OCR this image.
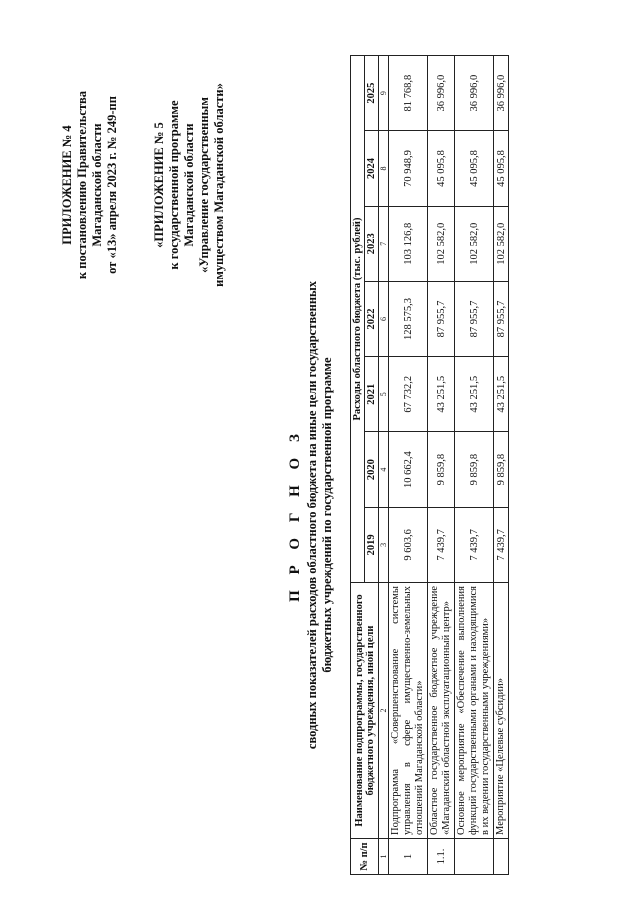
ПРИЛОЖЕНИЕ № 4 к постановлению Правительства Магаданской области от «13» апреля 2023 г. № 249-пп	«ПРИЛОЖЕНИЕ № 5 к государственной программе Магаданской области «Управление государственным имуществом Магаданской области»
П Р О Г Н О З сводных показателей расходов областного бюджета на иные цели государственных бюджетных учреждений по государственной программе
№ п/п	Наименование подпрограммы, государственного бюджетного учреждения, иной цели	Расходы областного бюджета (тыс. рублей)						
		2019	2020	2021	2022	2023	2024	2025
1	2	3	4	5	6	7	8	9
1	Подпрограмма «Совершенствование системы управления в сфере имущественно-земельных отношений Магаданской области»	9 603,6	10 662,4	67 732,2	128 575,3	103 126,8	70 948,9	81 768,8
1.1.	Областное государственное бюджетное учреждение «Магаданский областной эксплуатационный центр»	7 439,7	9 859,8	43 251,5	87 955,7	102 582,0	45 095,8	36 996,0
	Основное мероприятие «Обеспечение выполнения функций государственными органами и находящимися в их ведении государственными учреждениями»	7 439,7	9 859,8	43 251,5	87 955,7	102 582,0	45 095,8	36 996,0
	Мероприятие «Целевые субсидии»	7 439,7	9 859,8	43 251,5	87 955,7	102 582,0	45 095,8	36 996,0
